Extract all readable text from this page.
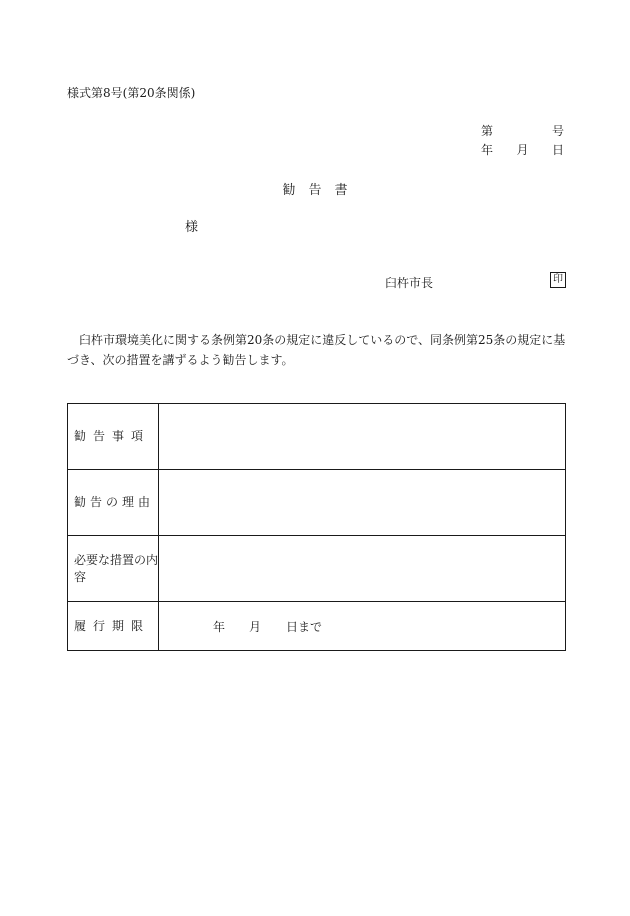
様式第8号(第20条関係)
第	号
年 月 日
勧告書
様
臼杵市長	印
臼杵市環境美化に関する条例第20条の規定に違反しているので、同条例第25条の規定に基づき、次の措置を講ずるよう勧告します。
勧告事項	
勧告の理由	
必要な措置の内容	
履行期限	年 月 日まで
